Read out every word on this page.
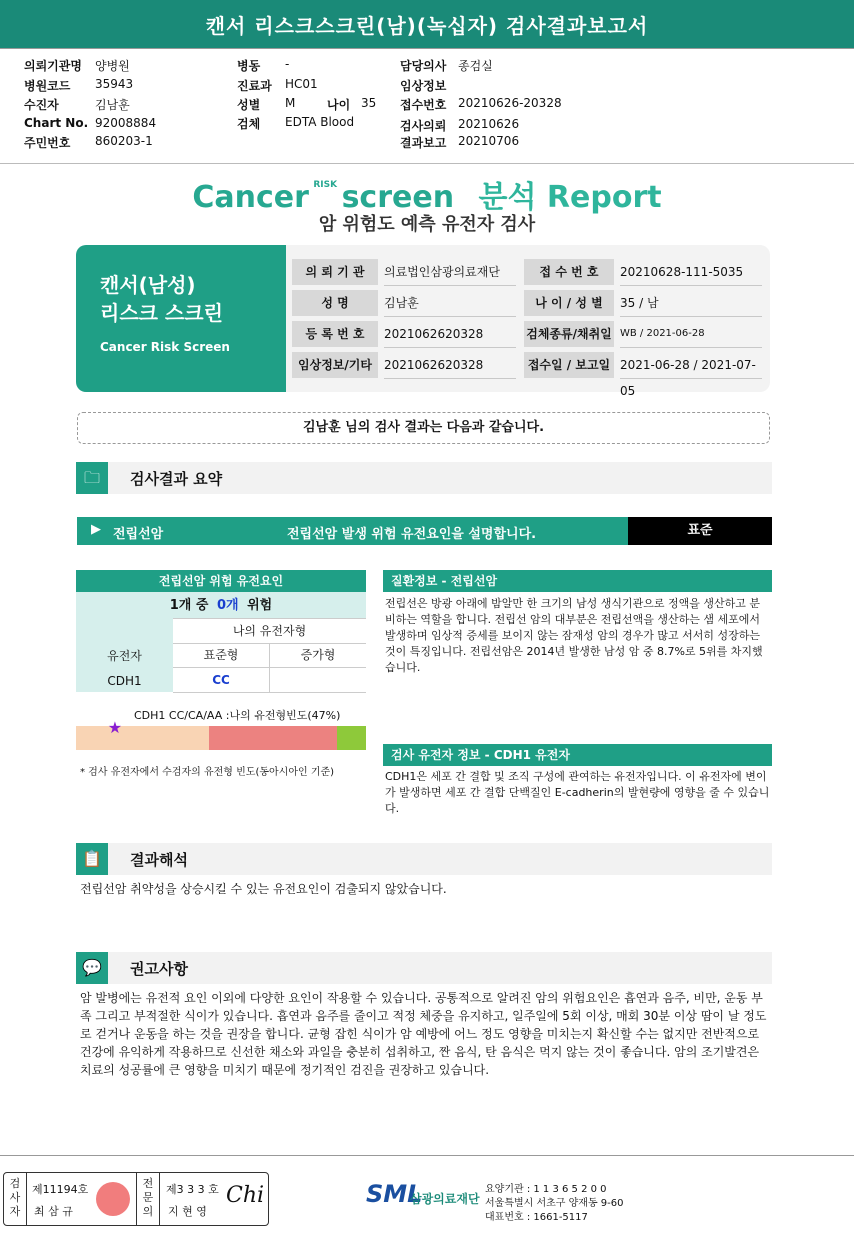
캔서 리스크스크린(남)(녹십자) 검사결과보고서
의뢰기관명 양병원
병원코드 35943
수진자	김남훈
Chart No. 92008884
주민번호 860203-1
병동 -
진료과 HC01
성별 M	나이 35
검체 EDTA Blood
담당의사 종검실
임상정보
접수번호 20210626-20328
검사의뢰 20210626
결과보고 20210706
Cancer $^{RISK}$ screen 분석 Report
암 위험도 예측 유전자 검사
캔서(남성)
리스크 스크린
Cancer Risk Screen
의 뢰 기 관	의료법인삼광의료재단	접 수 번 호	20210628-111-5035
성 명	김남훈	나 이 / 성 별	35 / 남
등 록 번 호	2021062620328	검체종류/채취일 WB / 2021-06-28
임상정보/기타	2021062620328	접수일 / 보고일 2021-06-28 / 2021-07-05
김남훈 님의 검사 결과는 다음과 같습니다.
🗀	검사결과 요약
▶ 전립선암	전립선암 발생 위험 유전요인을 설명합니다.	표준
전립선암 위험 유전요인
1개 중 0개 위험
나의 유전자형
유전자	표준형	증가형
CDH1	CC
CDH1 CC/CA/AA :나의 유전형빈도(47%)
★
* 검사 유전자에서 수검자의 유전형 빈도(동아시아인 기준)
질환정보 - 전립선암
전립선은 방광 아래에 밤알만 한 크기의 남성 생식기관으로 정액을 생산하고 분비하는 역할을 합니다. 전립선 암의 대부분은 전립선액을 생산하는 샘 세포에서 발생하며 임상적 증세를 보이지 않는 잠재성 암의 경우가 많고 서서히 성장하는 것이 특징입니다. 전립선암은 2014년 발생한 남성 암 중 8.7%로 5위를 차지했습니다.
검사 유전자 정보 - CDH1 유전자
CDH1은 세포 간 결합 및 조직 구성에 관여하는 유전자입니다. 이 유전자에 변이가 발생하면 세포 간 결합 단백질인 E-cadherin의 발현량에 영향을 줄 수 있습니다.
📋	결과해석
전립선암 취약성을 상승시킬 수 있는 유전요인이 검출되지 않았습니다.
💬	권고사항
암 발병에는 유전적 요인 이외에 다양한 요인이 작용할 수 있습니다. 공통적으로 알려진 암의 위험요인은 흡연과 음주, 비만, 운동 부족 그리고 부적절한 식이가 있습니다. 흡연과 음주를 줄이고 적정 체중을 유지하고, 일주일에 5회 이상, 매회 30분 이상 땀이 날 정도로 걷거나 운동을 하는 것을 권장을 합니다. 균형 잡힌 식이가 암 예방에 어느 정도 영향을 미치는지 확신할 수는 없지만 전반적으로 건강에 유익하게 작용하므로 신선한 채소와 과일을 충분히 섭취하고, 짠 음식, 탄 음식은 먹지 않는 것이 좋습니다. 암의 조기발견은 치료의 성공률에 큰 영향을 미치기 때문에 정기적인 검진을 권장하고 있습니다.
검사자
제11194호
최 삼 규
전문의
제3 3 3 호
지 현 영
Chi	SML
삼광의료재단
요양기관 : 1 1 3 6 5 2 0 0
서울특별시 서초구 양재동 9-60
대표번호 : 1661-5117
